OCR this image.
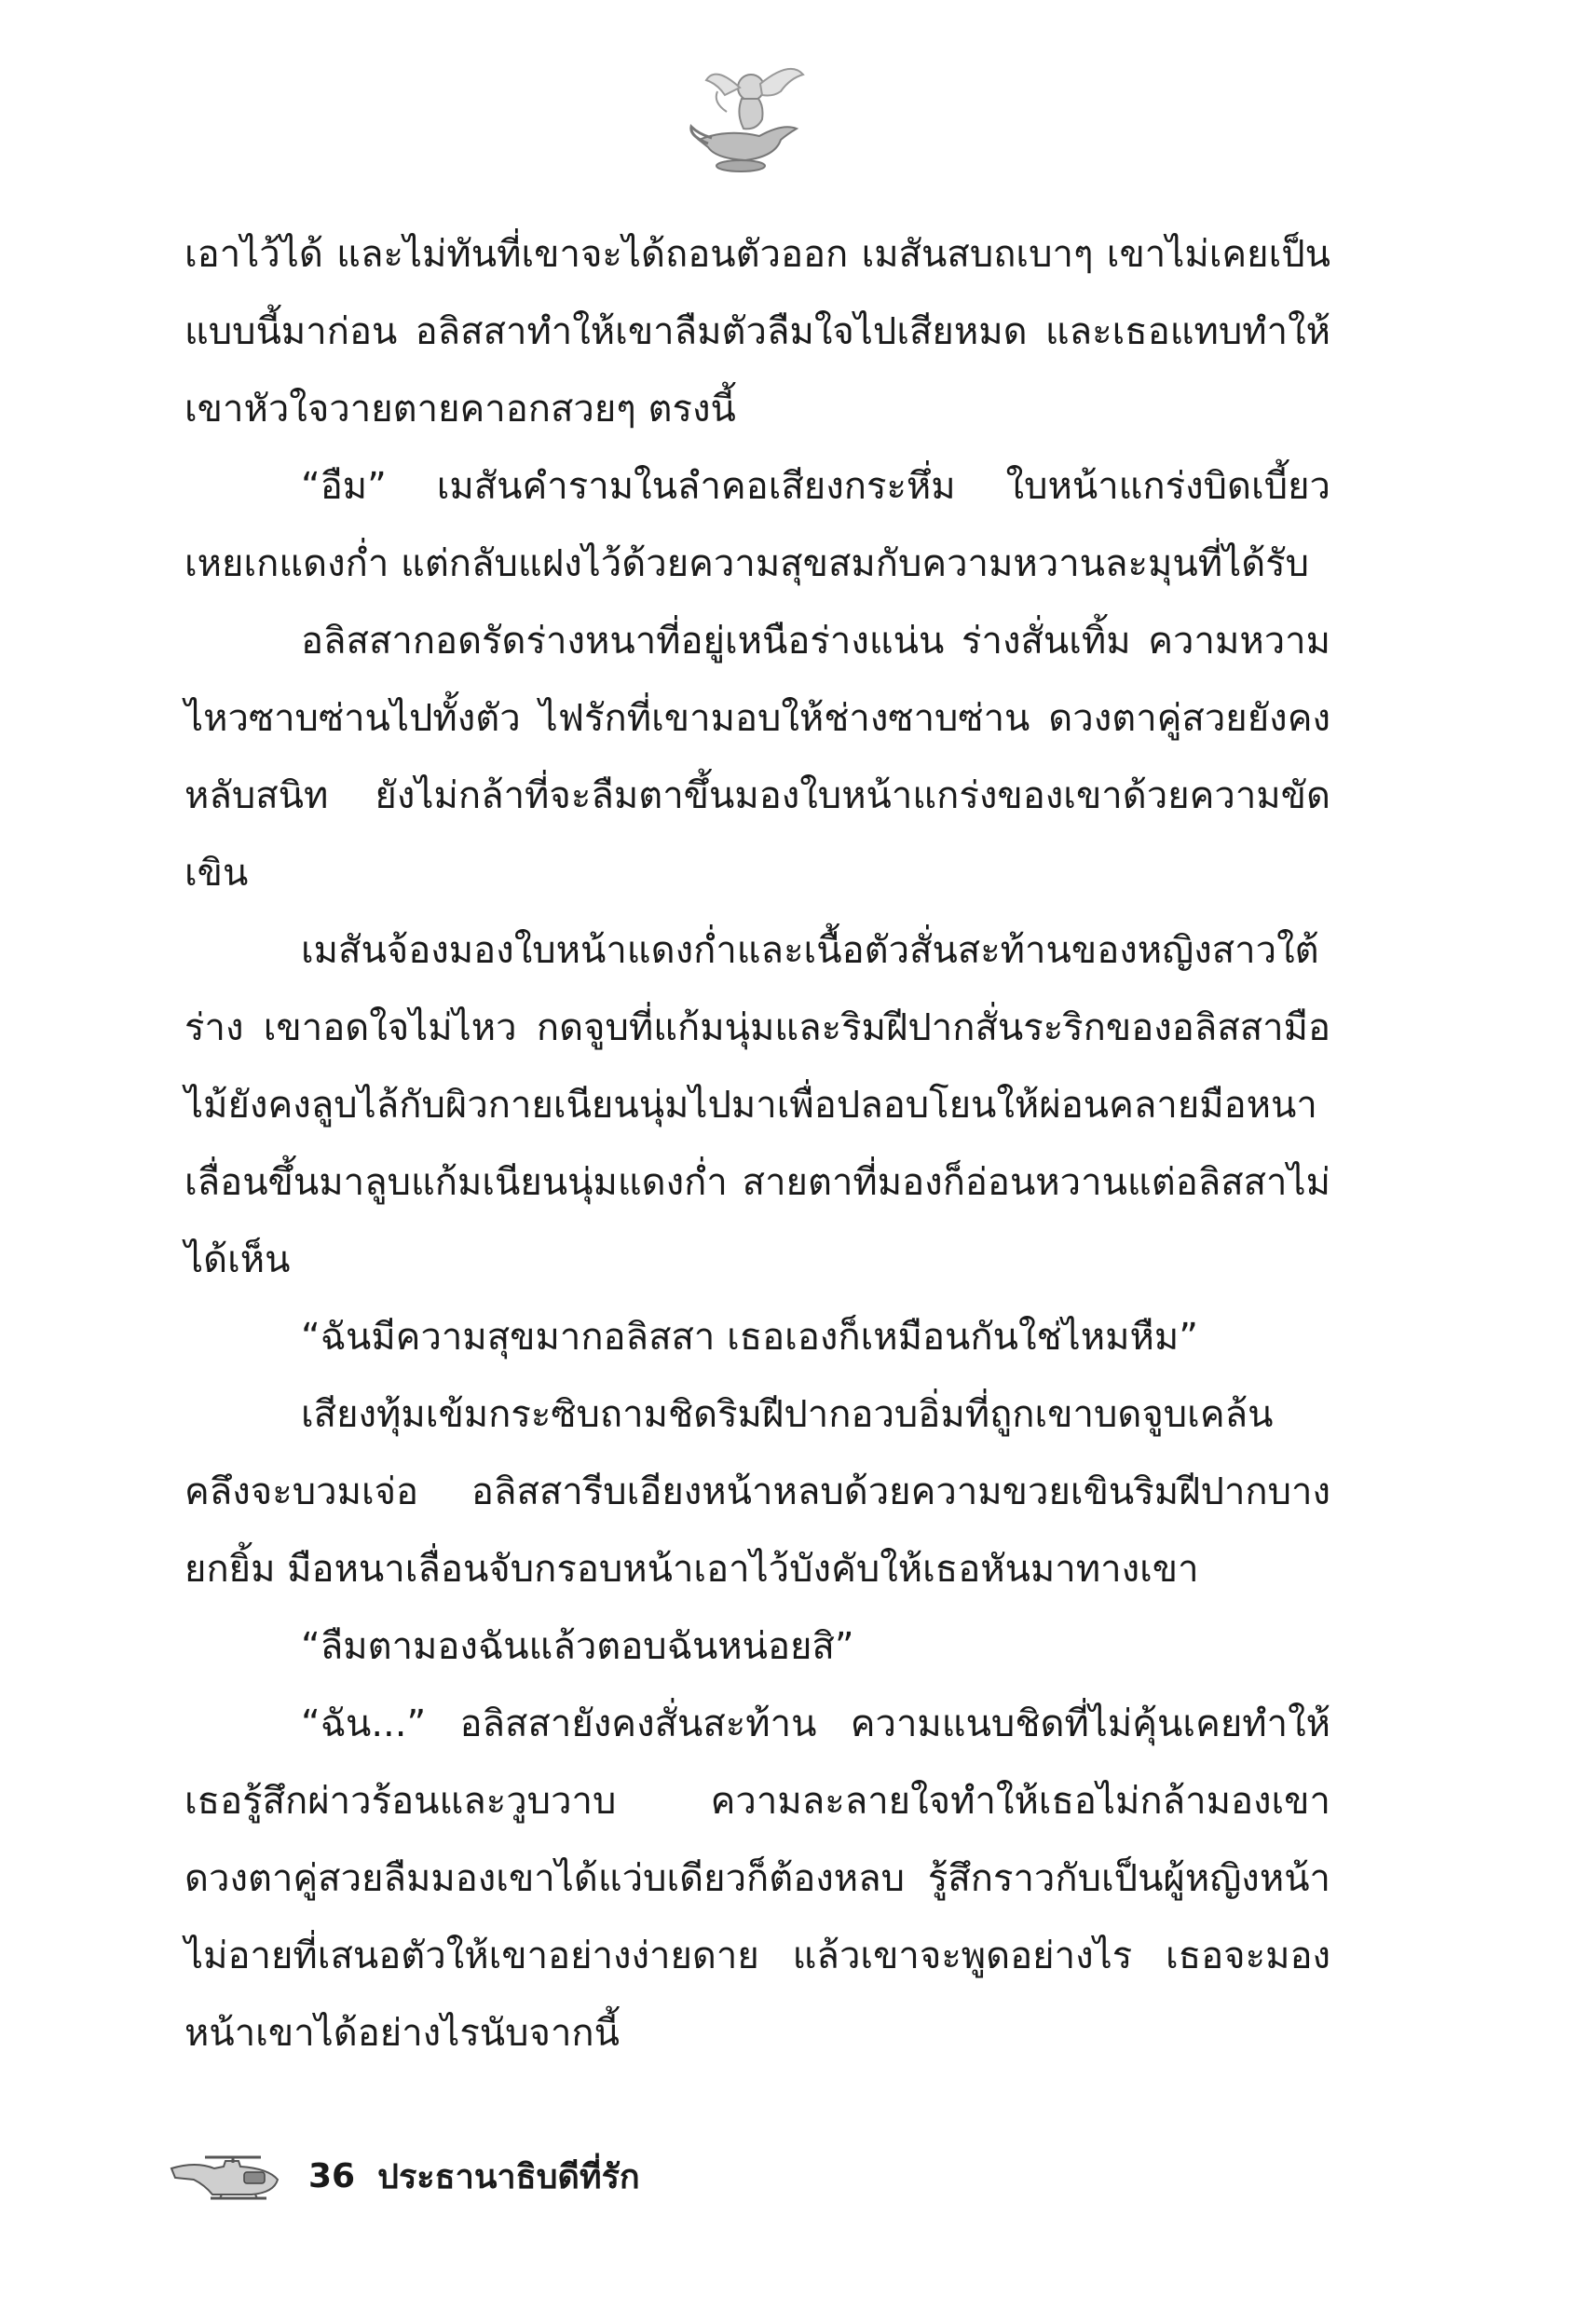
เอาไว้ได้ และไม่ทันที่เขาจะได้ถอนตัวออก เมสันสบถเบาๆ เขาไม่เคยเป็นแบบนี้มาก่อน อลิสสาทำให้เขาลืมตัวลืมใจไปเสียหมด และเธอแทบทำให้เขาหัวใจวายตายคาอกสวยๆ ตรงนี้

“อืม” เมสันคำรามในลำคอเสียงกระหึ่ม ใบหน้าแกร่งบิดเบี้ยวเหยเกแดงก่ำ แต่กลับแฝงไว้ด้วยความสุขสมกับความหวานละมุนที่ได้รับ

อลิสสากอดรัดร่างหนาที่อยู่เหนือร่างแน่น ร่างสั่นเทิ้ม ความหวามไหวซาบซ่านไปทั้งตัว ไฟรักที่เขามอบให้ช่างซาบซ่าน ดวงตาคู่สวยยังคงหลับสนิท ยังไม่กล้าที่จะลืมตาขึ้นมองใบหน้าแกร่งของเขาด้วยความขัดเขิน

เมสันจ้องมองใบหน้าแดงก่ำและเนื้อตัวสั่นสะท้านของหญิงสาวใต้ร่าง เขาอดใจไม่ไหว กดจูบที่แก้มนุ่มและริมฝีปากสั่นระริกของอลิสสามือไม้ยังคงลูบไล้กับผิวกายเนียนนุ่มไปมาเพื่อปลอบโยนให้ผ่อนคลายมือหนาเลื่อนขึ้นมาลูบแก้มเนียนนุ่มแดงก่ำ สายตาที่มองก็อ่อนหวานแต่อลิสสาไม่ได้เห็น

“ฉันมีความสุขมากอลิสสา เธอเองก็เหมือนกันใช่ไหมหืม”

เสียงทุ้มเข้มกระซิบถามชิดริมฝีปากอวบอิ่มที่ถูกเขาบดจูบเคล้นคลึงจะบวมเจ่อ อลิสสารีบเอียงหน้าหลบด้วยความขวยเขินริมฝีปากบางยกยิ้ม มือหนาเลื่อนจับกรอบหน้าเอาไว้บังคับให้เธอหันมาทางเขา

“ลืมตามองฉันแล้วตอบฉันหน่อยสิ”

“ฉัน...” อลิสสายังคงสั่นสะท้าน ความแนบชิดที่ไม่คุ้นเคยทำให้เธอรู้สึกผ่าวร้อนและวูบวาบ ความละลายใจทำให้เธอไม่กล้ามองเขาดวงตาคู่สวยลืมมองเขาได้แว่บเดียวก็ต้องหลบ รู้สึกราวกับเป็นผู้หญิงหน้าไม่อายที่เสนอตัวให้เขาอย่างง่ายดาย แล้วเขาจะพูดอย่างไร เธอจะมองหน้าเขาได้อย่างไรนับจากนี้

36 ประธานาธิบดีที่รัก
